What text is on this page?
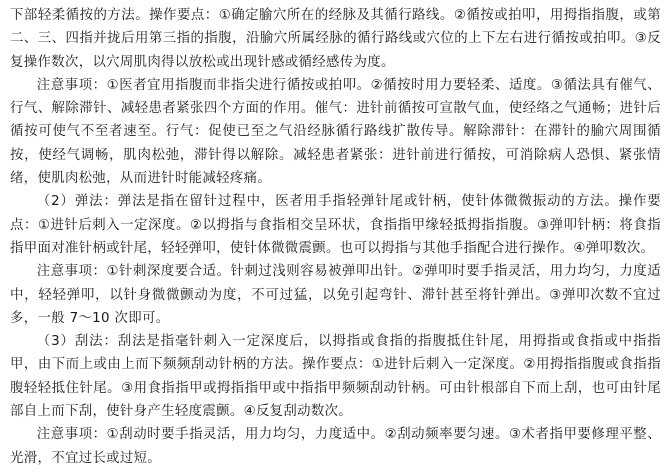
下部轻柔循按的方法。操作要点：①确定腧穴所在的经脉及其循行路线。②循按或拍叩，用拇指指腹，或第二、三、四指并拢后用第三指的指腹，沿腧穴所属经脉的循行路线或穴位的上下左右进行循按或拍叩。③反复操作数次，以穴周肌肉得以放松或出现针感或循经感传为度。

注意事项：①医者宜用指腹而非指尖进行循按或拍叩。②循按时用力要轻柔、适度。③循法具有催气、行气、解除滞针、减轻患者紧张四个方面的作用。催气：进针前循按可宣散气血，使经络之气通畅；进针后循按可使气不至者速至。行气：促使已至之气沿经脉循行路线扩散传导。解除滞针：在滞针的腧穴周围循按，使经气调畅，肌肉松弛，滞针得以解除。减轻患者紧张：进针前进行循按，可消除病人恐惧、紧张情绪，使肌肉松弛，从而进针时能减轻疼痛。

（2）弹法：弹法是指在留针过程中，医者用手指轻弹针尾或针柄，使针体微微振动的方法。操作要点：①进针后刺入一定深度。②以拇指与食指相交呈环状，食指指甲缘轻抵拇指指腹。③弹叩针柄：将食指指甲面对准针柄或针尾，轻轻弹叩，使针体微微震颤。也可以拇指与其他手指配合进行操作。④弹叩数次。

注意事项：①针刺深度要合适。针刺过浅则容易被弹叩出针。②弹叩时要手指灵活，用力均匀，力度适中，轻轻弹叩，以针身微微颤动为度，不可过猛，以免引起弯针、滞针甚至将针弹出。③弹叩次数不宜过多，一般 7～10 次即可。

（3）刮法：刮法是指毫针刺入一定深度后，以拇指或食指的指腹抵住针尾，用拇指或食指或中指指甲，由下而上或由上而下频频刮动针柄的方法。操作要点：①进针后刺入一定深度。②用拇指指腹或食指指腹轻轻抵住针尾。③用食指指甲或拇指指甲或中指指甲频频刮动针柄。可由针根部自下而上刮，也可由针尾部自上而下刮，使针身产生轻度震颤。④反复刮动数次。

注意事项：①刮动时要手指灵活，用力均匀，力度适中。②刮动频率要匀速。③术者指甲要修理平整、光滑，不宜过长或过短。
